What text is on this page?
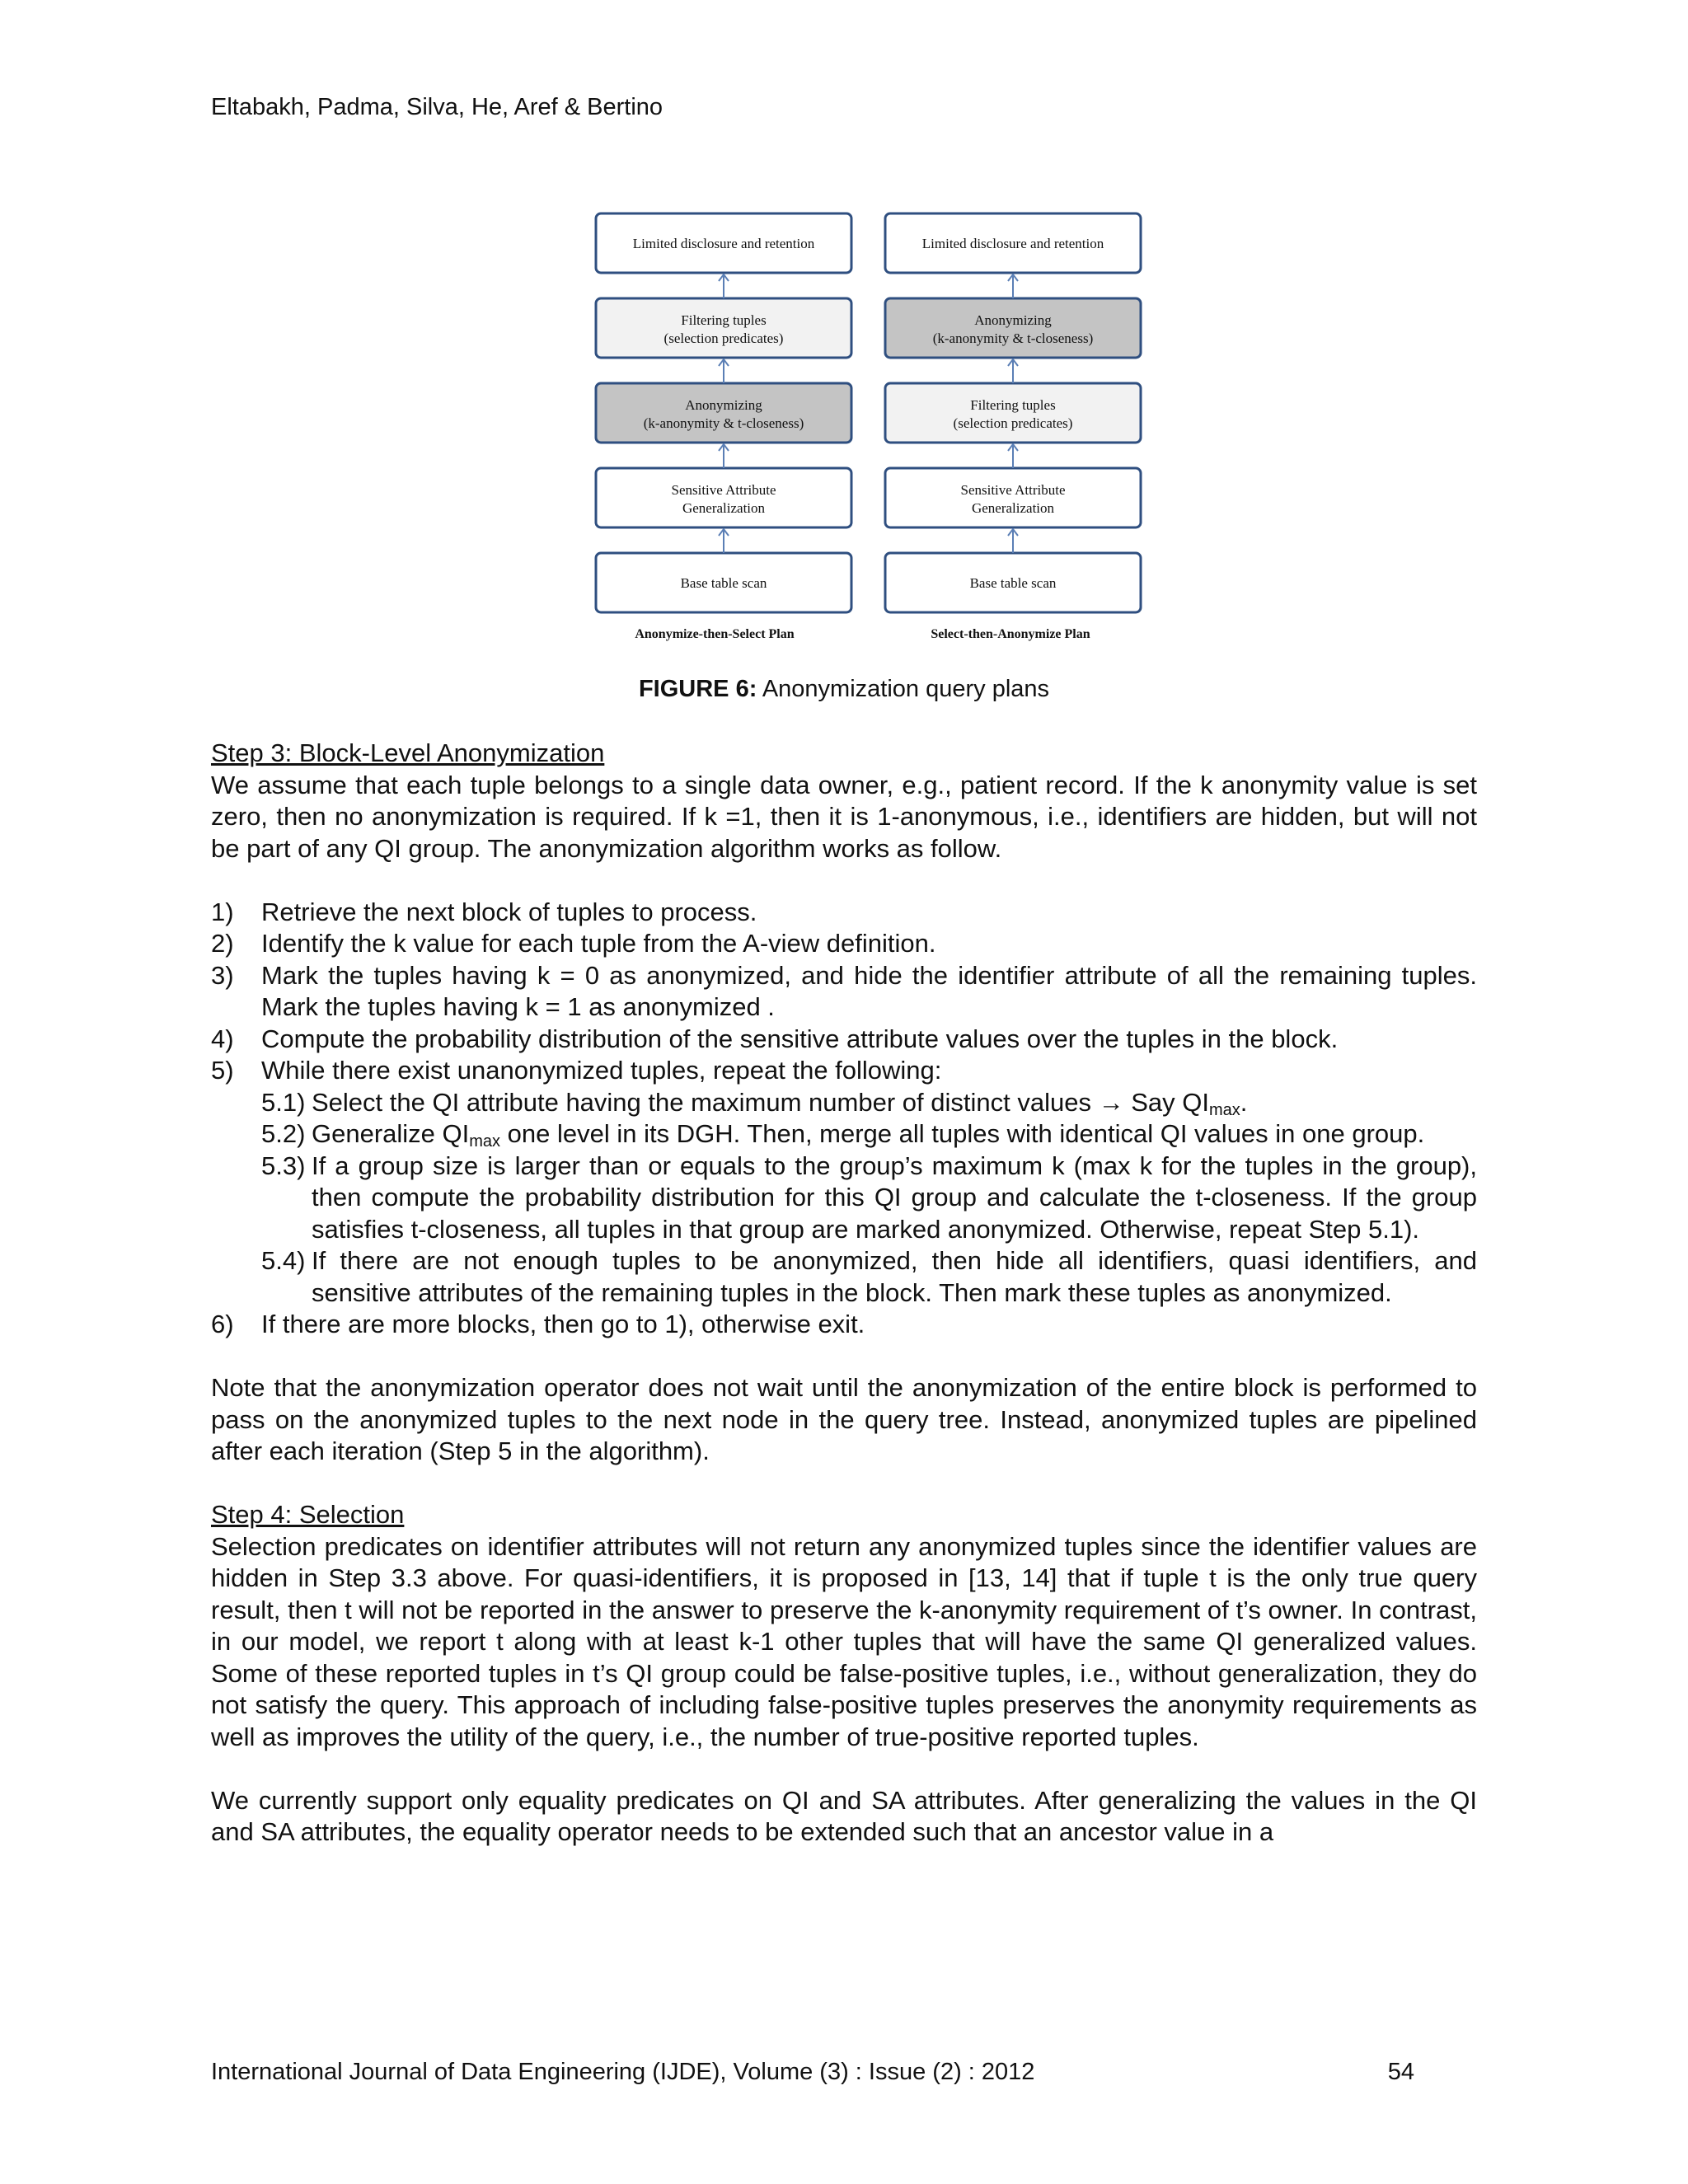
Eltabakh, Padma, Silva, He, Aref & Bertino

Limited disclosure and retention
Filtering tuples
(selection predicates)
Anonymizing
(k-anonymity & t-closeness)
Sensitive Attribute
Generalization
Base table scan
Limited disclosure and retention
Anonymizing
(k-anonymity & t-closeness)
Filtering tuples
(selection predicates)
Sensitive Attribute
Generalization
Base table scan
Anonymize-then-Select Plan	Select-then-Anonymize Plan
FIGURE 6: Anonymization query plans

Step 3: Block-Level Anonymization

We assume that each tuple belongs to a single data owner, e.g., patient record. If the k anonymity value is set zero, then no anonymization is required. If k =1, then it is 1-anonymous, i.e., identifiers are hidden, but will not be part of any QI group. The anonymization algorithm works as follow.

1)	Retrieve the next block of tuples to process.
2)	Identify the k value for each tuple from the A-view definition.
3)	Mark the tuples having k = 0 as anonymized, and hide the identifier attribute of all the remaining tuples. Mark the tuples having k = 1 as anonymized .
4)	Compute the probability distribution of the sensitive attribute values over the tuples in the block.
5)	While there exist unanonymized tuples, repeat the following:
5.1) Select the QI attribute having the maximum number of distinct values → Say $QI_{max}$.
5.2) Generalize $QI_{max}$ one level in its DGH. Then, merge all tuples with identical QI values in one group.
5.3) If a group size is larger than or equals to the group’s maximum k (max k for the tuples in the group), then compute the probability distribution for this QI group and calculate the t-closeness. If the group satisfies t-closeness, all tuples in that group are marked anonymized. Otherwise, repeat Step 5.1).
5.4) If there are not enough tuples to be anonymized, then hide all identifiers, quasi identifiers, and sensitive attributes of the remaining tuples in the block. Then mark these tuples as anonymized.
6)	If there are more blocks, then go to 1), otherwise exit.

Note that the anonymization operator does not wait until the anonymization of the entire block is performed to pass on the anonymized tuples to the next node in the query tree. Instead, anonymized tuples are pipelined after each iteration (Step 5 in the algorithm).

Step 4: Selection

Selection predicates on identifier attributes will not return any anonymized tuples since the identifier values are hidden in Step 3.3 above. For quasi-identifiers, it is proposed in [13, 14] that if tuple t is the only true query result, then t will not be reported in the answer to preserve the k-anonymity requirement of t’s owner. In contrast, in our model, we report t along with at least k-1 other tuples that will have the same QI generalized values. Some of these reported tuples in t’s QI group could be false-positive tuples, i.e., without generalization, they do not satisfy the query. This approach of including false-positive tuples preserves the anonymity requirements as well as improves the utility of the query, i.e., the number of true-positive reported tuples.

We currently support only equality predicates on QI and SA attributes. After generalizing the values in the QI and SA attributes, the equality operator needs to be extended such that an ancestor value in a

International Journal of Data Engineering (IJDE), Volume (3) : Issue (2) : 2012	54
